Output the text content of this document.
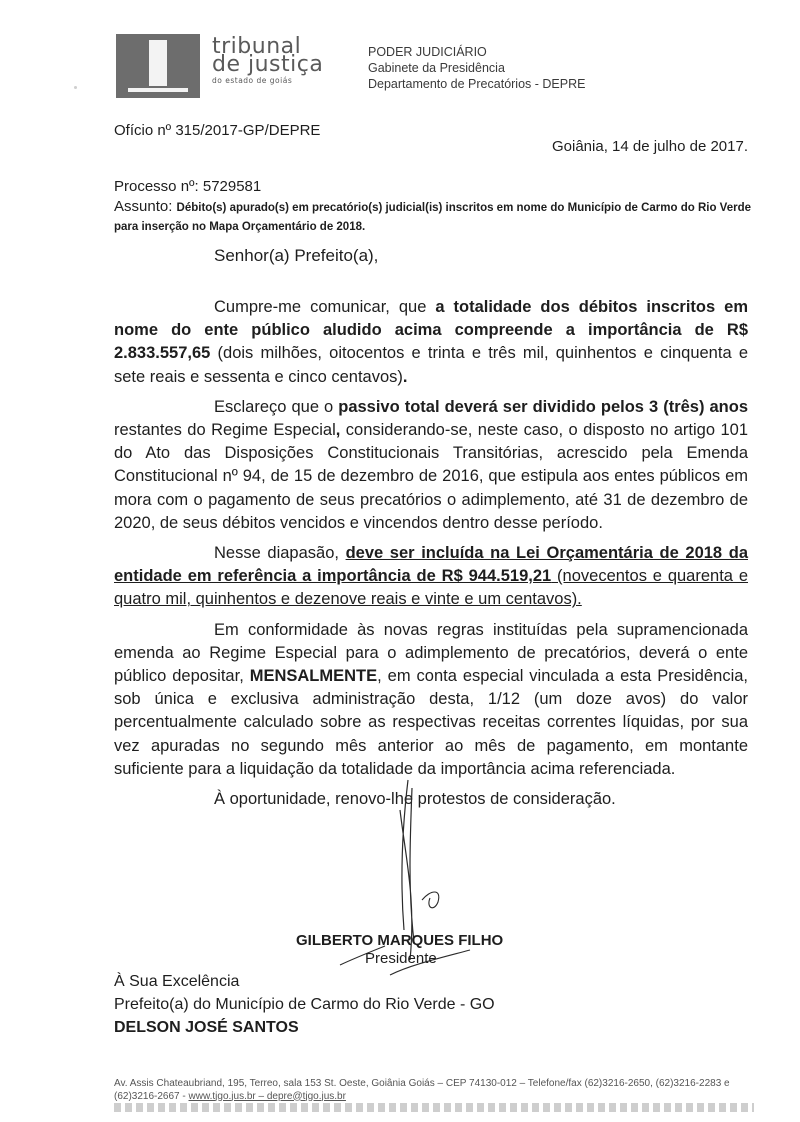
tribunal
de justiça
do estado de goiás
PODER JUDICIÁRIO
Gabinete da Presidência
Departamento de Precatórios - DEPRE
Ofício nº 315/2017-GP/DEPRE
Goiânia, 14 de julho de 2017.
Processo nº: 5729581
Assunto: Débito(s) apurado(s) em precatório(s) judicial(is) inscritos em nome do Município de Carmo do Rio Verde para inserção no Mapa Orçamentário de 2018.
Senhor(a) Prefeito(a),

Cumpre-me comunicar, que a totalidade dos débitos inscritos em nome do ente público aludido acima compreende a importância de R$ 2.833.557,65 (dois milhões, oitocentos e trinta e três mil, quinhentos e cinquenta e sete reais e sessenta e cinco centavos).

Esclareço que o passivo total deverá ser dividido pelos 3 (três) anos restantes do Regime Especial, considerando-se, neste caso, o disposto no artigo 101 do Ato das Disposições Constitucionais Transitórias, acrescido pela Emenda Constitucional nº 94, de 15 de dezembro de 2016, que estipula aos entes públicos em mora com o pagamento de seus precatórios o adimplemento, até 31 de dezembro de 2020, de seus débitos vencidos e vincendos dentro desse período.

Nesse diapasão, deve ser incluída na Lei Orçamentária de 2018 da entidade em referência a importância de R$ 944.519,21 (novecentos e quarenta e quatro mil, quinhentos e dezenove reais e vinte e um centavos).

Em conformidade às novas regras instituídas pela supramencionada emenda ao Regime Especial para o adimplemento de precatórios, deverá o ente público depositar, MENSALMENTE, em conta especial vinculada a esta Presidência, sob única e exclusiva administração desta, 1/12 (um doze avos) do valor percentualmente calculado sobre as respectivas receitas correntes líquidas, por sua vez apuradas no segundo mês anterior ao mês de pagamento, em montante suficiente para a liquidação da totalidade da importância acima referenciada.

À oportunidade, renovo-lhe protestos de consideração.

GILBERTO MARQUES FILHO
Presidente
À Sua Excelência
Prefeito(a) do Município de Carmo do Rio Verde - GO
DELSON JOSÉ SANTOS
Av. Assis Chateaubriand, 195, Terreo, sala 153 St. Oeste, Goiânia Goiás – CEP 74130-012 – Telefone/fax (62)3216-2650, (62)3216-2283 e (62)3216-2667 - www.tjgo.jus.br – depre@tjgo.jus.br
